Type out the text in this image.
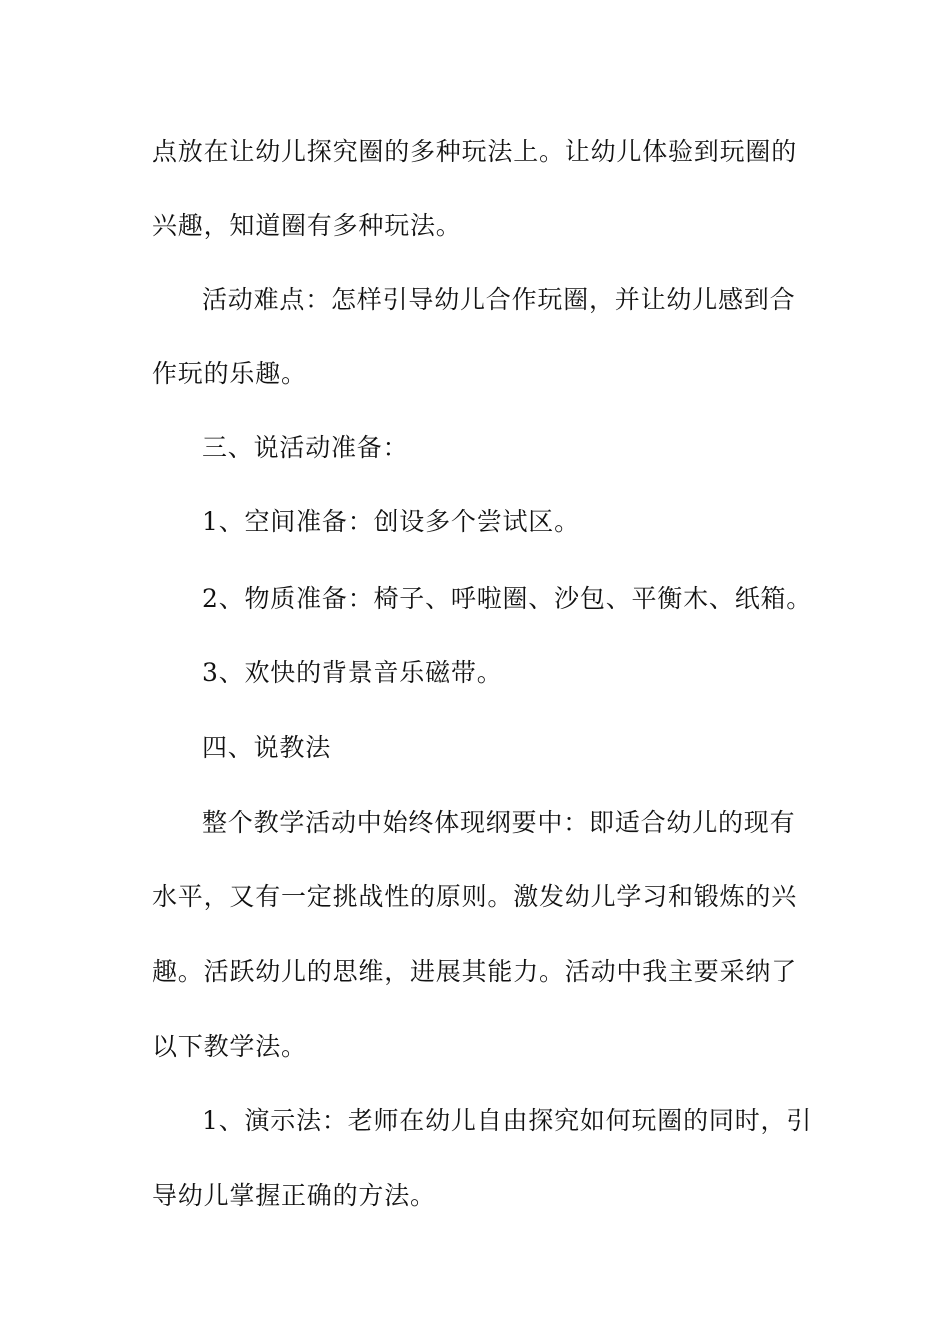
点放在让幼儿探究圈的多种玩法上。让幼儿体验到玩圈的
兴趣，知道圈有多种玩法。
活动难点：怎样引导幼儿合作玩圈，并让幼儿感到合
作玩的乐趣。
三、说活动准备：
1、空间准备：创设多个尝试区。
2、物质准备：椅子、呼啦圈、沙包、平衡木、纸箱。
3、欢快的背景音乐磁带。
四、说教法
整个教学活动中始终体现纲要中：即适合幼儿的现有
水平，又有一定挑战性的原则。激发幼儿学习和锻炼的兴
趣。活跃幼儿的思维，进展其能力。活动中我主要采纳了
以下教学法。
1、演示法：老师在幼儿自由探究如何玩圈的同时，引
导幼儿掌握正确的方法。
